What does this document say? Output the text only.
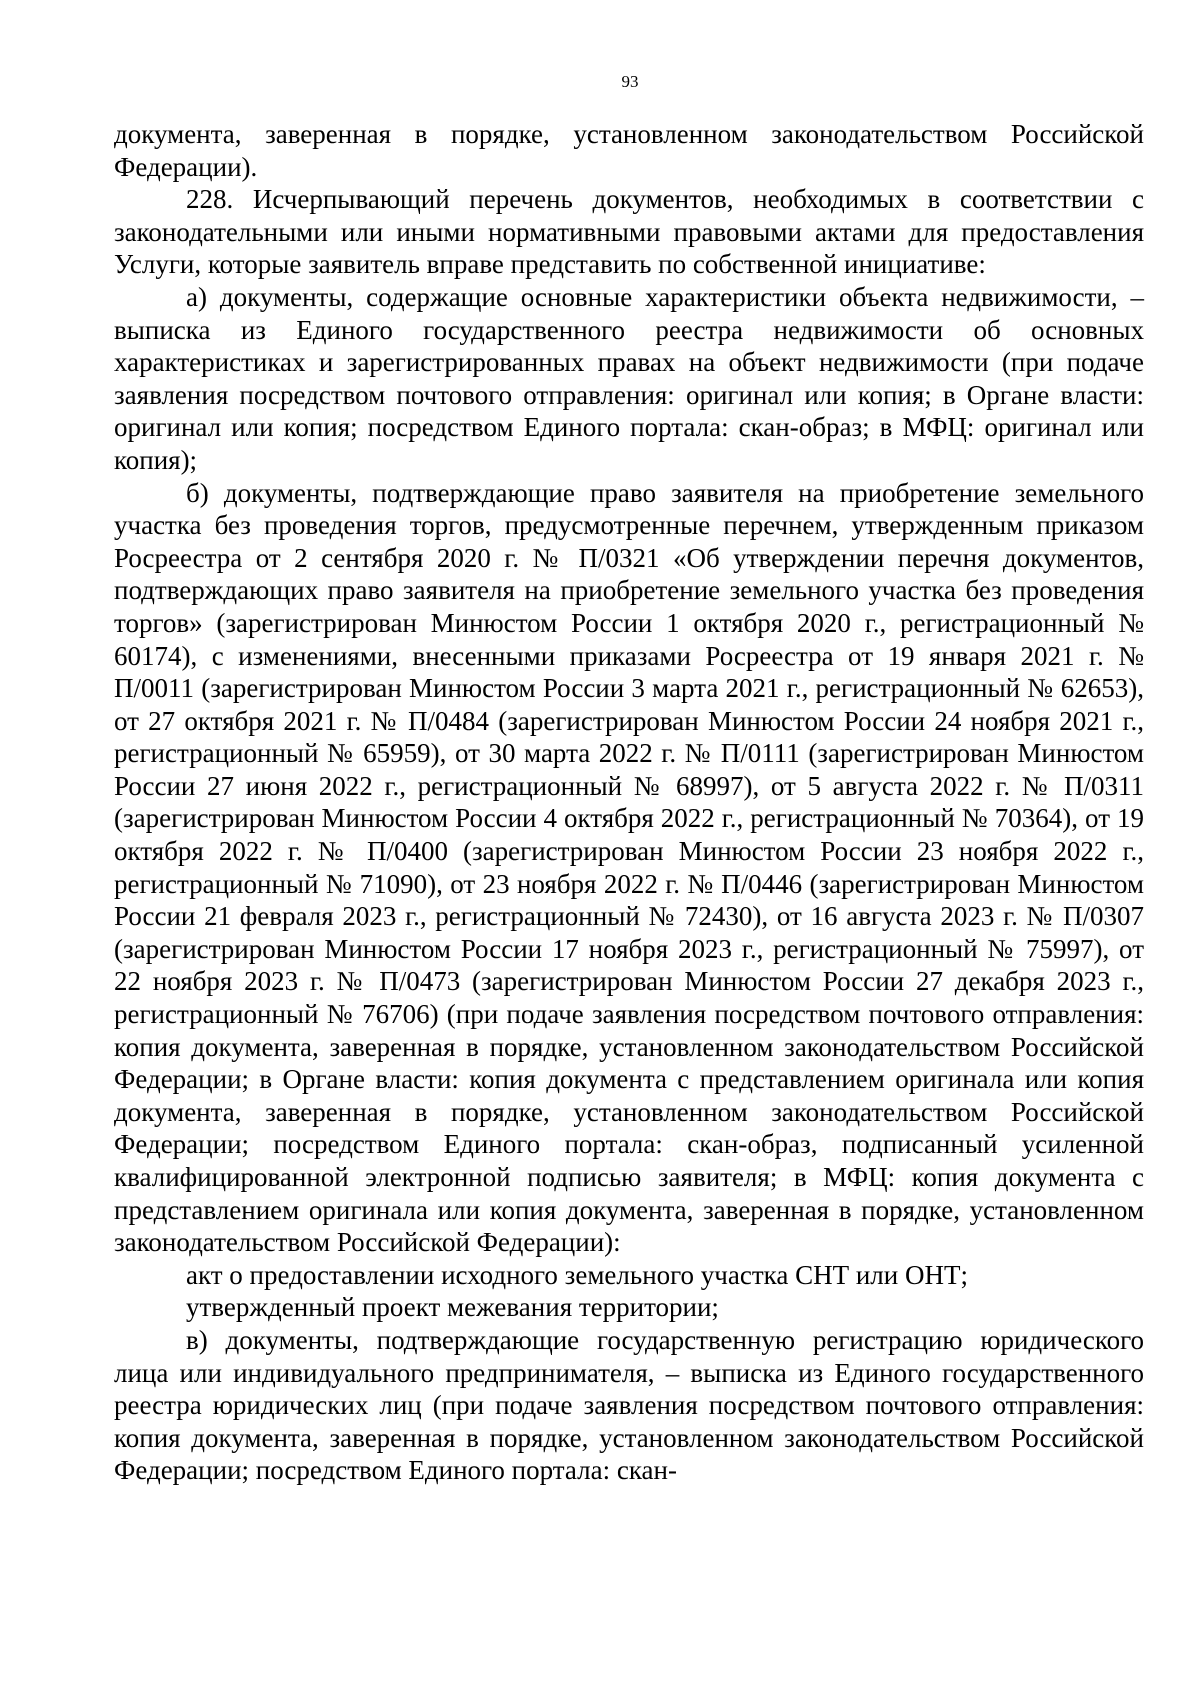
93

документа, заверенная в порядке, установленном законодательством Российской Федерации).

228. Исчерпывающий перечень документов, необходимых в соответствии с законодательными или иными нормативными правовыми актами для предоставления Услуги, которые заявитель вправе представить по собственной инициативе:

а) документы, содержащие основные характеристики объекта недвижимости, – выписка из Единого государственного реестра недвижимости об основных характеристиках и зарегистрированных правах на объект недвижимости (при подаче заявления посредством почтового отправления: оригинал или копия; в Органе власти: оригинал или копия; посредством Единого портала: скан-образ; в МФЦ: оригинал или копия);

б) документы, подтверждающие право заявителя на приобретение земельного участка без проведения торгов, предусмотренные перечнем, утвержденным приказом Росреестра от 2 сентября 2020 г. № П/0321 «Об утверждении перечня документов, подтверждающих право заявителя на приобретение земельного участка без проведения торгов» (зарегистрирован Минюстом России 1 октября 2020 г., регистрационный № 60174), с изменениями, внесенными приказами Росреестра от 19 января 2021 г. № П/0011 (зарегистрирован Минюстом России 3 марта 2021 г., регистрационный № 62653), от 27 октября 2021 г. № П/0484 (зарегистрирован Минюстом России 24 ноября 2021 г., регистрационный № 65959), от 30 марта 2022 г. № П/0111 (зарегистрирован Минюстом России 27 июня 2022 г., регистрационный № 68997), от 5 августа 2022 г. № П/0311 (зарегистрирован Минюстом России 4 октября 2022 г., регистрационный № 70364), от 19 октября 2022 г. № П/0400 (зарегистрирован Минюстом России 23 ноября 2022 г., регистрационный № 71090), от 23 ноября 2022 г. № П/0446 (зарегистрирован Минюстом России 21 февраля 2023 г., регистрационный № 72430), от 16 августа 2023 г. № П/0307 (зарегистрирован Минюстом России 17 ноября 2023 г., регистрационный № 75997), от 22 ноября 2023 г. № П/0473 (зарегистрирован Минюстом России 27 декабря 2023 г., регистрационный № 76706) (при подаче заявления посредством почтового отправления: копия документа, заверенная в порядке, установленном законодательством Российской Федерации; в Органе власти: копия документа с представлением оригинала или копия документа, заверенная в порядке, установленном законодательством Российской Федерации; посредством Единого портала: скан-образ, подписанный усиленной квалифицированной электронной подписью заявителя; в МФЦ: копия документа с представлением оригинала или копия документа, заверенная в порядке, установленном законодательством Российской Федерации):

акт о предоставлении исходного земельного участка СНТ или ОНТ;

утвержденный проект межевания территории;

в) документы, подтверждающие государственную регистрацию юридического лица или индивидуального предпринимателя, – выписка из Единого государственного реестра юридических лиц (при подаче заявления посредством почтового отправления: копия документа, заверенная в порядке, установленном законодательством Российской Федерации; посредством Единого портала: скан-
